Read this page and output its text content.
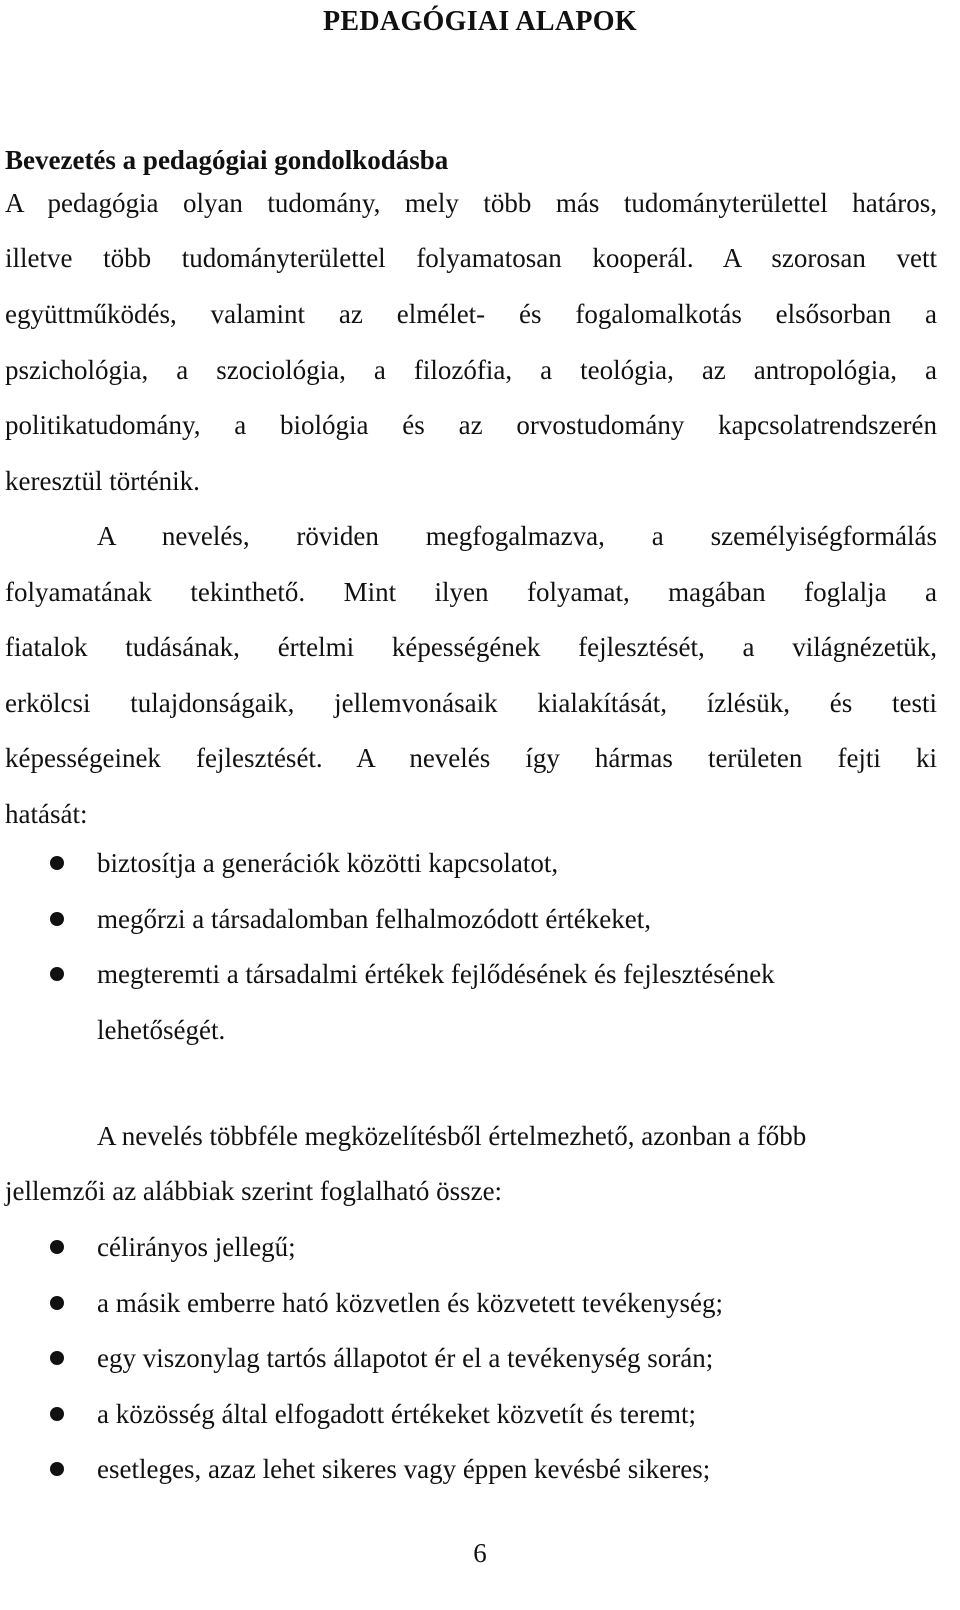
PEDAGÓGIAI ALAPOK
Bevezetés a pedagógiai gondolkodásba
A pedagógia olyan tudomány, mely több más tudományterülettel határos,
illetve több tudományterülettel folyamatosan kooperál. A szorosan vett
együttműködés, valamint az elmélet- és fogalomalkotás elsősorban a
pszichológia, a szociológia, a filozófia, a teológia, az antropológia, a
politikatudomány, a biológia és az orvostudomány kapcsolatrendszerén
keresztül történik.
A nevelés, röviden megfogalmazva, a személyiségformálás
folyamatának tekinthető. Mint ilyen folyamat, magában foglalja a
fiatalok tudásának, értelmi képességének fejlesztését, a világnézetük,
erkölcsi tulajdonságaik, jellemvonásaik kialakítását, ízlésük, és testi
képességeinek fejlesztését. A nevelés így hármas területen fejti ki
hatását:
biztosítja a generációk közötti kapcsolatot,
megőrzi a társadalomban felhalmozódott értékeket,
megteremti a társadalmi értékek fejlődésének és fejlesztésének
lehetőségét.
A nevelés többféle megközelítésből értelmezhető, azonban a főbb
jellemzői az alábbiak szerint foglalható össze:
célirányos jellegű;
a másik emberre ható közvetlen és közvetett tevékenység;
egy viszonylag tartós állapotot ér el a tevékenység során;
a közösség által elfogadott értékeket közvetít és teremt;
esetleges, azaz lehet sikeres vagy éppen kevésbé sikeres;
6
